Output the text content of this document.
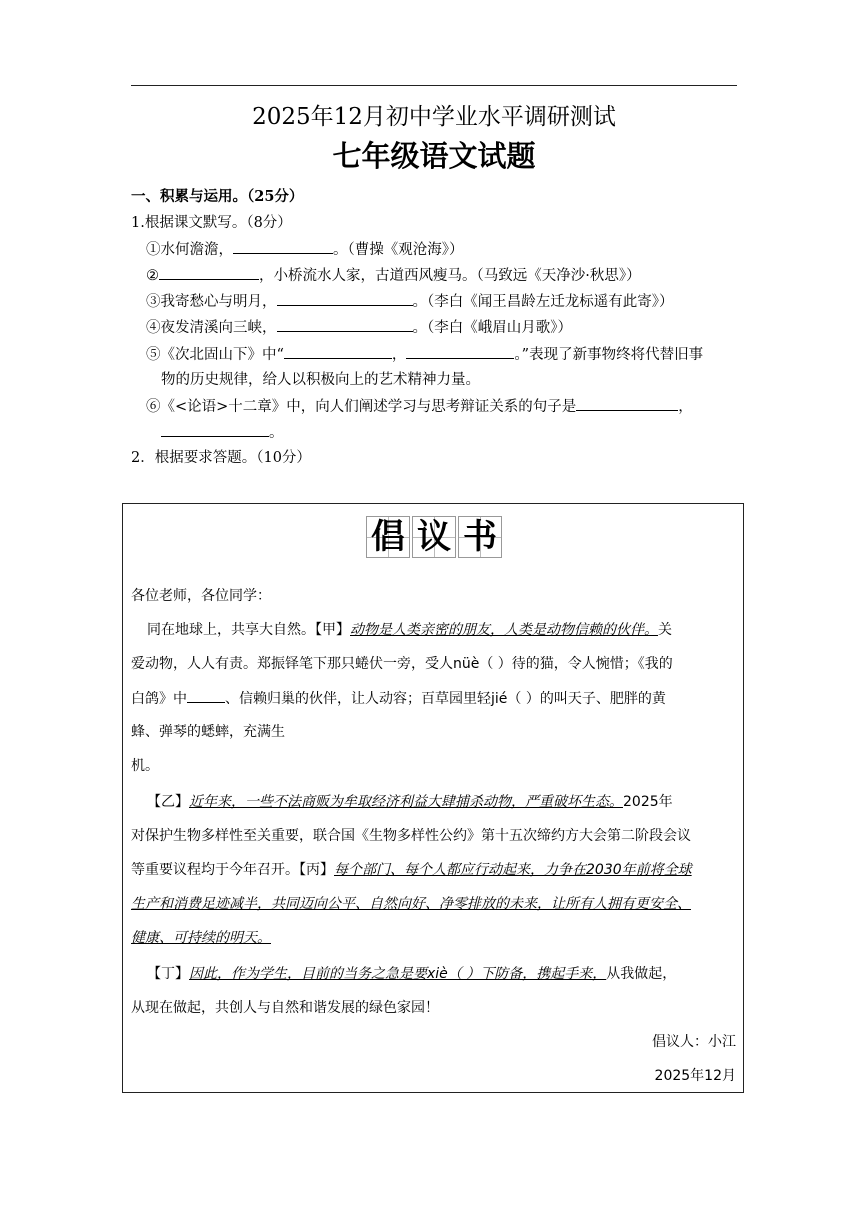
2025年12月初中学业水平调研测试
七年级语文试题
一、积累与运用。（25分）
1.根据课文默写。（8分）
①水何澹澹，	。（曹操《观沧海》）
②	，小桥流水人家，古道西风瘦马。（马致远《天净沙·秋思》）
③我寄愁心与明月，	。（李白《闻王昌龄左迁龙标遥有此寄》）
④夜发清溪向三峡，	。（李白《峨眉山月歌》）
⑤《次北固山下》中“	，	。”表现了新事物终将代替旧事
物的历史规律，给人以积极向上的艺术精神力量。
⑥《<论语>十二章》中，向人们阐述学习与思考辩证关系的句子是	，
。
2．根据要求答题。（10分）
倡 议 书
各位老师，各位同学：
同在地球上，共享大自然。【甲】动物是人类亲密的朋友，人类是动物信赖的伙伴。关
爱动物，人人有责。郑振铎笔下那只蜷伏一旁，受人nüè（ ）待的猫，令人惋惜；《我的
白鸽》中	、信赖归巢的伙伴，让人动容；百草园里轻jié（ ）的叫天子、肥胖的黄
蜂、弹琴的蟋蟀，充满生
机。
【乙】近年来，一些不法商贩为牟取经济利益大肆捕杀动物，严重破坏生态。2025年
对保护生物多样性至关重要，联合国《生物多样性公约》第十五次缔约方大会第二阶段会议
等重要议程均于今年召开。【丙】每个部门、每个人都应行动起来，力争在2030年前将全球
生产和消费足迹减半，共同迈向公平、自然向好、净零排放的未来，让所有人拥有更安全、
健康、可持续的明天。
【丁】因此，作为学生，目前的当务之急是要xiè（ ）下防备，携起手来，从我做起，
从现在做起，共创人与自然和谐发展的绿色家园！
倡议人：小江
2025年12月
